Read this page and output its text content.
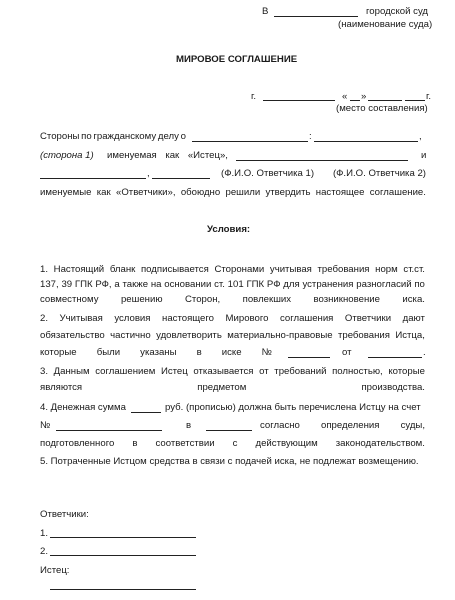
В	городской суд
(наименование суда)
МИРОВОЕ СОГЛАШЕНИЕ
г.	« »	г.
(место составления)
Стороны по гражданскому делу о	:	,
(сторона 1) именуемая как «Истец»,	и
,	(Ф.И.О. Ответчика 1) (Ф.И.О. Ответчика 2)
именуемые как «Ответчики», обоюдно решили утвердить настоящее соглашение.
Условия:
1. Настоящий бланк подписывается Сторонами учитывая требования норм ст.ст.
137, 39 ГПК РФ, а также на основании ст. 101 ГПК РФ для устранения разногласий по
совместному решению Сторон, повлекших возникновение иска.
2. Учитывая условия настоящего Мирового соглашения Ответчики дают
обязательство частично удовлетворить материально-правовые требования Истца,
которые были указаны в иске №	от	.
3. Данным соглашением Истец отказывается от требований полностью, которые
являются	предметом	производства.
4. Денежная сумма	руб. (прописью) должна быть перечислена Истцу на счет
№	в	согласно определения суды,
подготовленного в соответствии с действующим законодательством.
5. Потраченные Истцом средства в связи с подачей иска, не подлежат возмещению.
Ответчики:
1.
2.
Истец:
